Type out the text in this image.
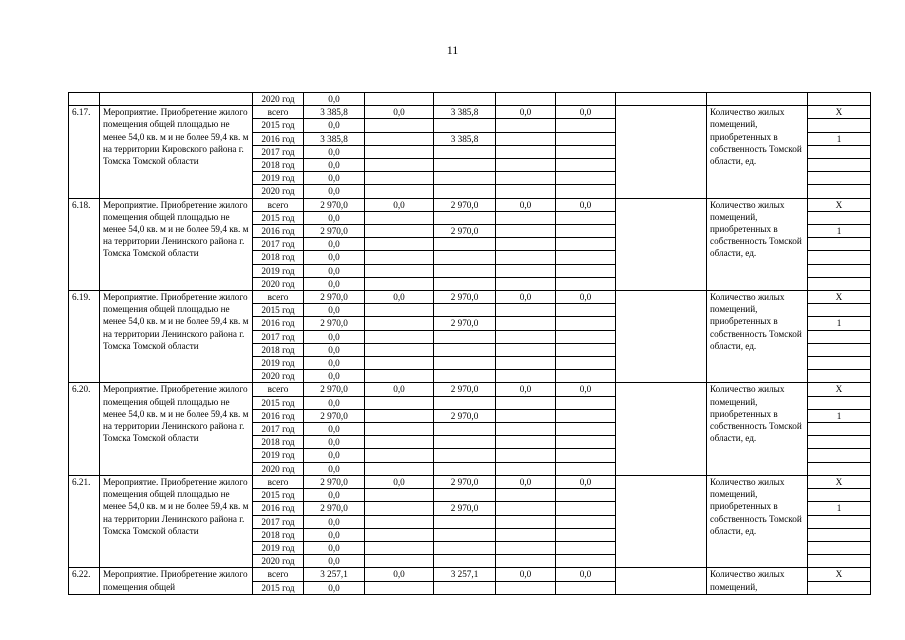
11
		2020 год	0,0							
6.17.	Мероприятие. Приобретение жилого помещения общей площадью не менее 54,0 кв. м и не более 59,4 кв. м на территории Кировского района г. Томска Томской области	всего	3 385,8	0,0	3 385,8	0,0	0,0		Количество жилых помещений, приобретенных в собственность Томской области, ед.	Х
		2015 год	0,0							
		2016 год	3 385,8		3 385,8					1
		2017 год	0,0							
		2018 год	0,0							
		2019 год	0,0							
		2020 год	0,0							
6.18.	Мероприятие. Приобретение жилого помещения общей площадью не менее 54,0 кв. м и не более 59,4 кв. м на территории Ленинского района г. Томска Томской области	всего	2 970,0	0,0	2 970,0	0,0	0,0		Количество жилых помещений, приобретенных в собственность Томской области, ед.	Х
		2015 год	0,0							
		2016 год	2 970,0		2 970,0					1
		2017 год	0,0							
		2018 год	0,0							
		2019 год	0,0							
		2020 год	0,0							
6.19.	Мероприятие. Приобретение жилого помещения общей площадью не менее 54,0 кв. м и не более 59,4 кв. м на территории Ленинского района г. Томска Томской области	всего	2 970,0	0,0	2 970,0	0,0	0,0		Количество жилых помещений, приобретенных в собственность Томской области, ед.	Х
		2015 год	0,0							
		2016 год	2 970,0		2 970,0					1
		2017 год	0,0							
		2018 год	0,0							
		2019 год	0,0							
		2020 год	0,0							
6.20.	Мероприятие. Приобретение жилого помещения общей площадью не менее 54,0 кв. м и не более 59,4 кв. м на территории Ленинского района г. Томска Томской области	всего	2 970,0	0,0	2 970,0	0,0	0,0		Количество жилых помещений, приобретенных в собственность Томской области, ед.	Х
		2015 год	0,0							
		2016 год	2 970,0		2 970,0					1
		2017 год	0,0							
		2018 год	0,0							
		2019 год	0,0							
		2020 год	0,0							
6.21.	Мероприятие. Приобретение жилого помещения общей площадью не менее 54,0 кв. м и не более 59,4 кв. м на территории Ленинского района г. Томска Томской области	всего	2 970,0	0,0	2 970,0	0,0	0,0		Количество жилых помещений, приобретенных в собственность Томской области, ед.	Х
		2015 год	0,0							
		2016 год	2 970,0		2 970,0					1
		2017 год	0,0							
		2018 год	0,0							
		2019 год	0,0							
		2020 год	0,0							
6.22.	Мероприятие. Приобретение жилого помещения общей	всего	3 257,1	0,0	3 257,1	0,0	0,0		Количество жилых помещений,	Х
		2015 год	0,0							
